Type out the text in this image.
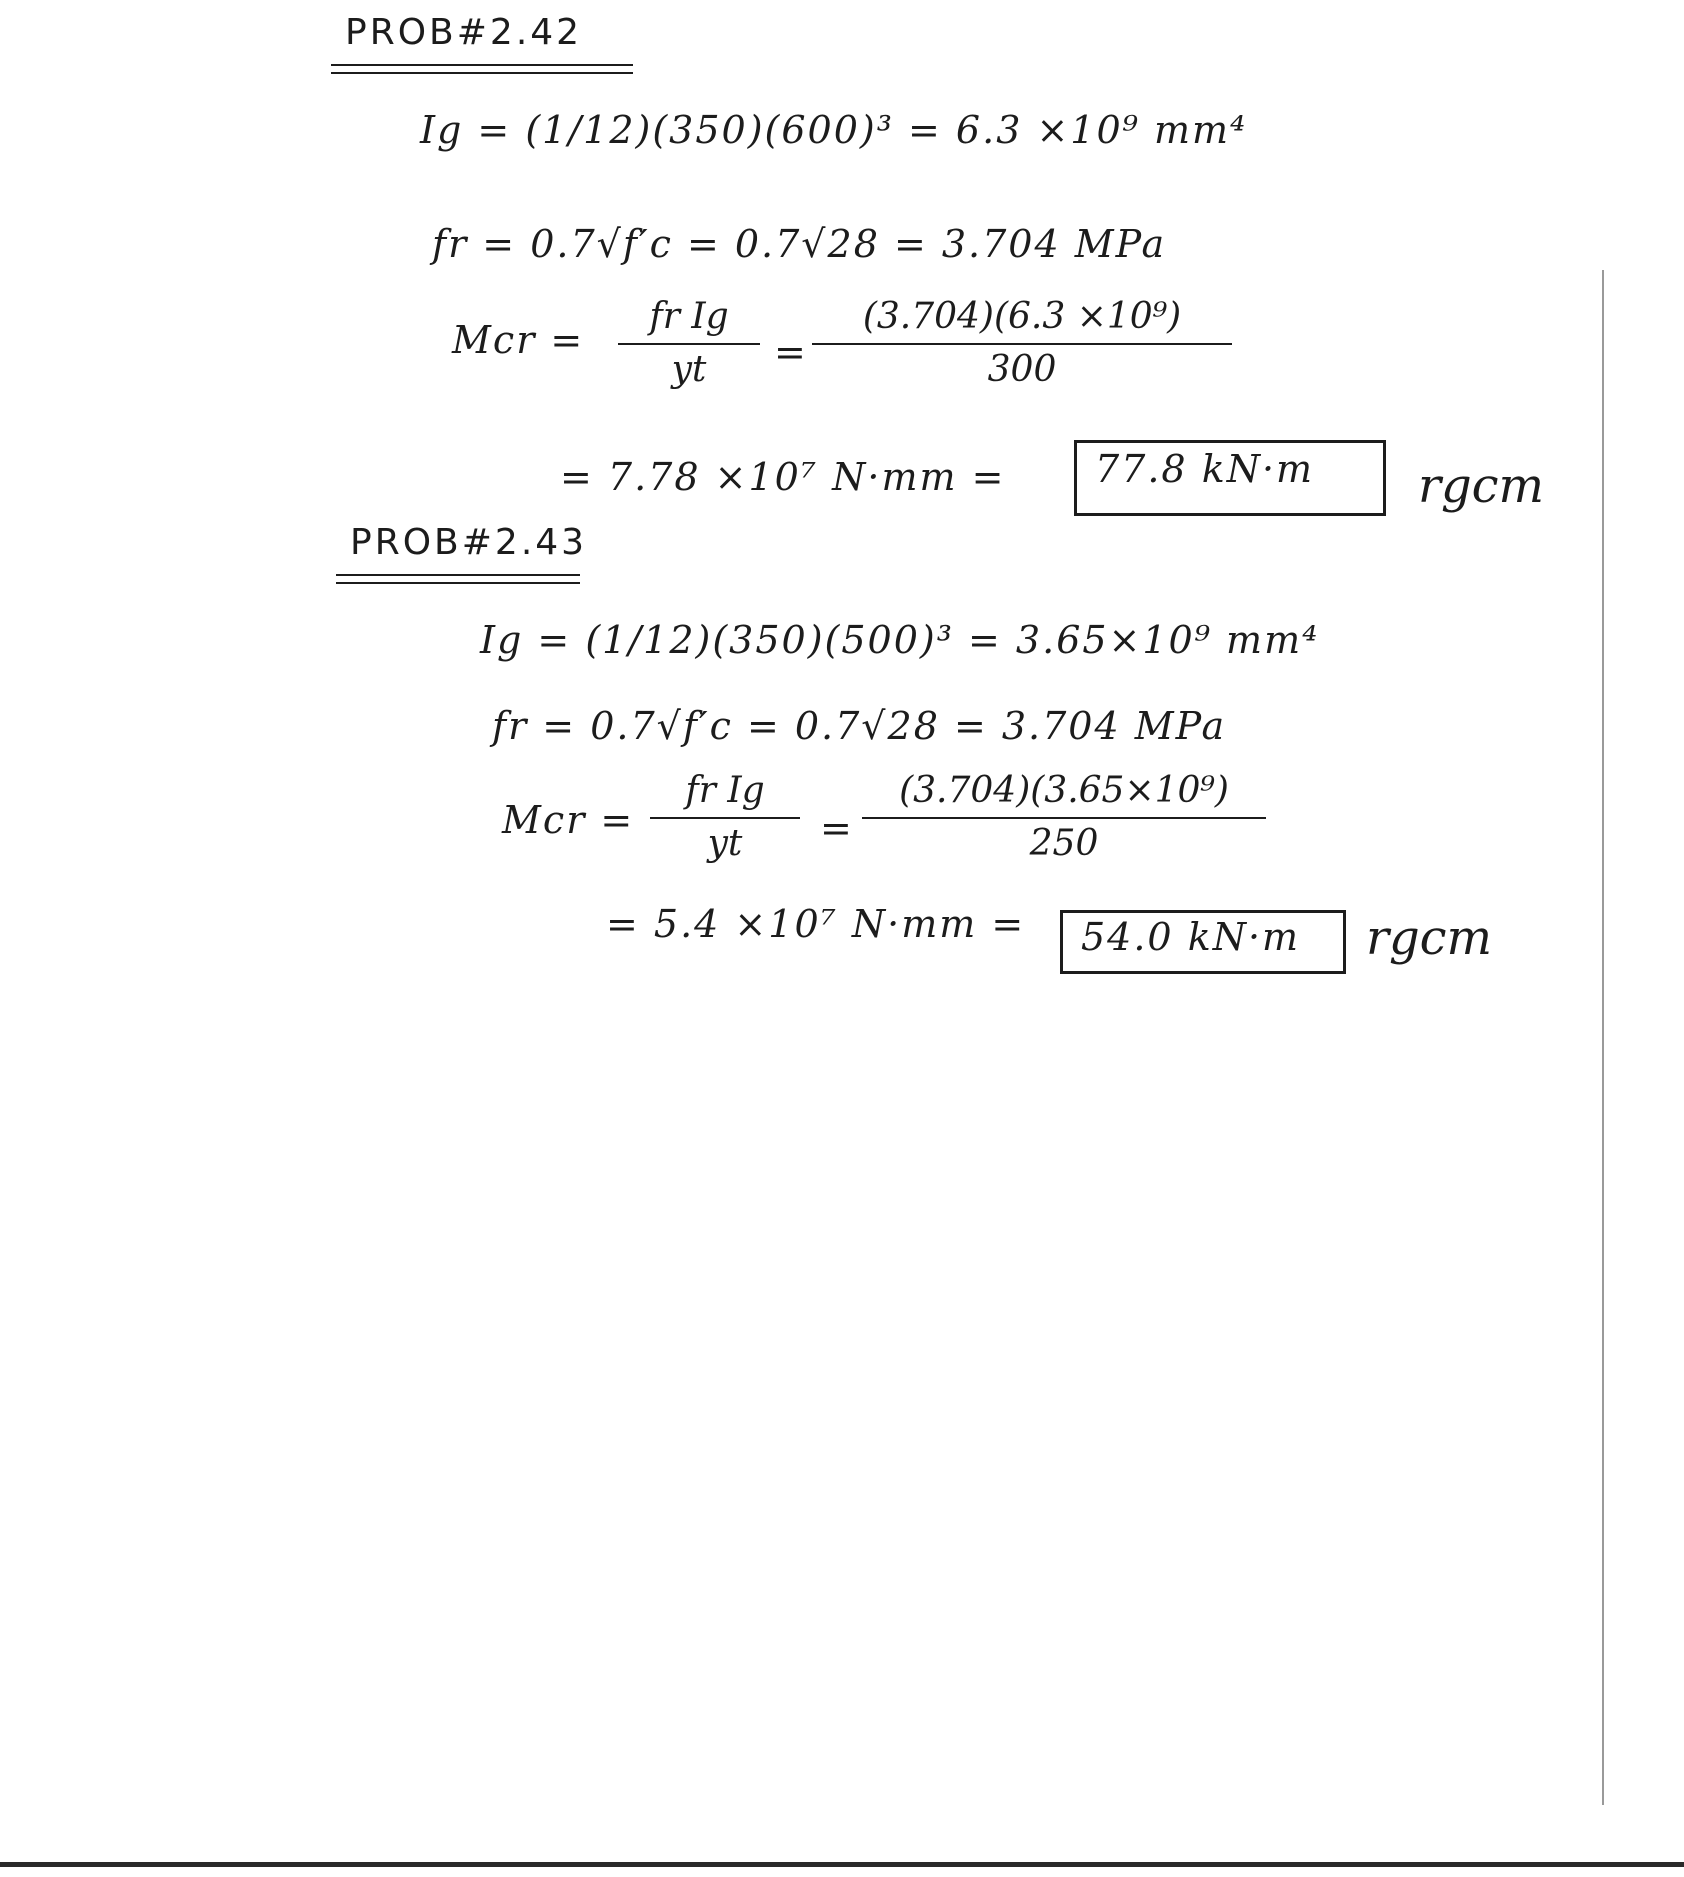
PROB#2.42
Ig = (1/12)(350)(600)³ = 6.3 ×10⁹ mm⁴
fr = 0.7√f′c = 0.7√28 = 3.704 MPa
Mcr =
fr Ig
yt	=
(3.704)(6.3 ×10⁹)
300
= 7.78 ×10⁷ N·mm =	77.8 kN·m	rgcm
PROB#2.43
Ig = (1/12)(350)(500)³ = 3.65×10⁹ mm⁴
fr = 0.7√f′c = 0.7√28 = 3.704 MPa
Mcr =
fr Ig
yt	=
(3.704)(3.65×10⁹)
250
= 5.4 ×10⁷ N·mm =	54.0 kN·m	rgcm
